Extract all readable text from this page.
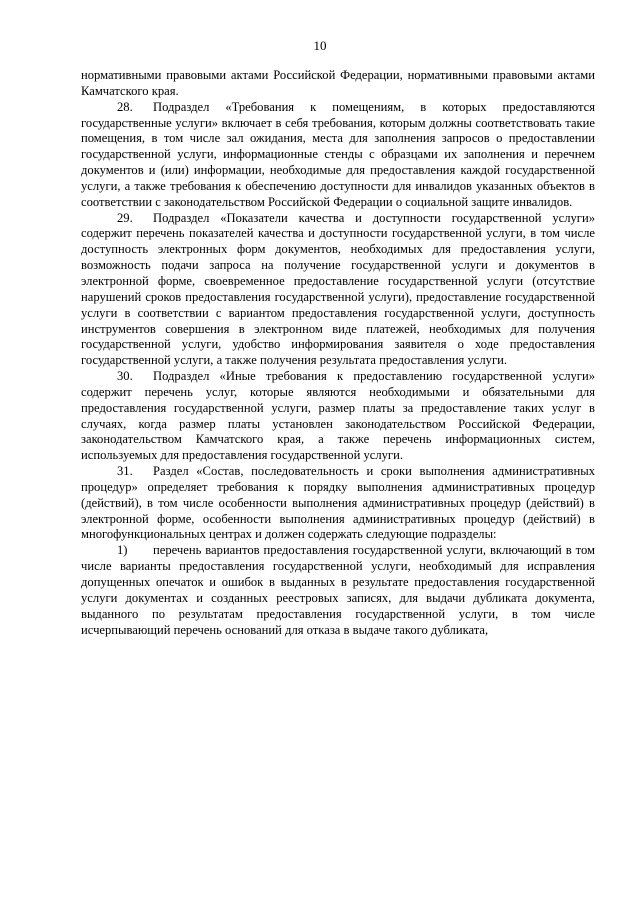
10

нормативными правовыми актами Российской Федерации, нормативными правовыми актами Камчатского края.

28. Подраздел «Требования к помещениям, в которых предоставляются государственные услуги» включает в себя требования, которым должны соответствовать такие помещения, в том числе зал ожидания, места для заполнения запросов о предоставлении государственной услуги, информационные стенды с образцами их заполнения и перечнем документов и (или) информации, необходимые для предоставления каждой государственной услуги, а также требования к обеспечению доступности для инвалидов указанных объектов в соответствии с законодательством Российской Федерации о социальной защите инвалидов.

29. Подраздел «Показатели качества и доступности государственной услуги» содержит перечень показателей качества и доступности государственной услуги, в том числе доступность электронных форм документов, необходимых для предоставления услуги, возможность подачи запроса на получение государственной услуги и документов в электронной форме, своевременное предоставление государственной услуги (отсутствие нарушений сроков предоставления государственной услуги), предоставление государственной услуги в соответствии с вариантом предоставления государственной услуги, доступность инструментов совершения в электронном виде платежей, необходимых для получения государственной услуги, удобство информирования заявителя о ходе предоставления государственной услуги, а также получения результата предоставления услуги.

30. Подраздел «Иные требования к предоставлению государственной услуги» содержит перечень услуг, которые являются необходимыми и обязательными для предоставления государственной услуги, размер платы за предоставление таких услуг в случаях, когда размер платы установлен законодательством Российской Федерации, законодательством Камчатского края, а также перечень информационных систем, используемых для предоставления государственной услуги.

31. Раздел «Состав, последовательность и сроки выполнения административных процедур» определяет требования к порядку выполнения административных процедур (действий), в том числе особенности выполнения административных процедур (действий) в электронной форме, особенности выполнения административных процедур (действий) в многофункциональных центрах и должен содержать следующие подразделы:

1) перечень вариантов предоставления государственной услуги, включающий в том числе варианты предоставления государственной услуги, необходимый для исправления допущенных опечаток и ошибок в выданных в результате предоставления государственной услуги документах и созданных реестровых записях, для выдачи дубликата документа, выданного по результатам предоставления государственной услуги, в том числе исчерпывающий перечень оснований для отказа в выдаче такого дубликата,
